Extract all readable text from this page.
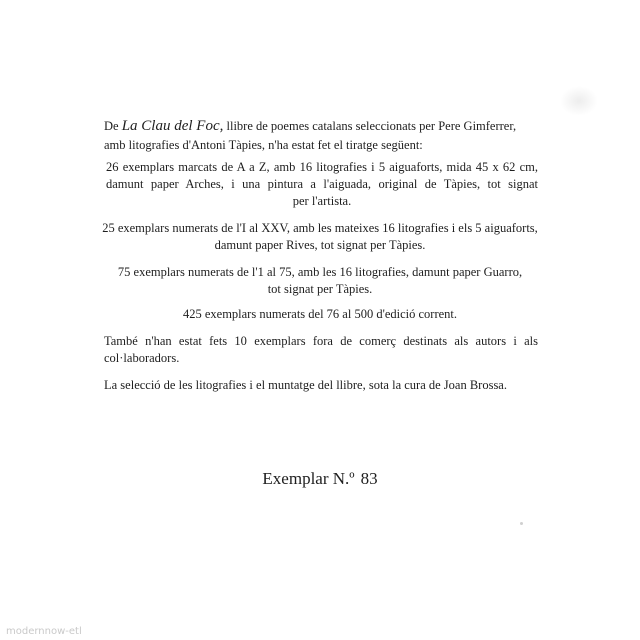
De La Clau del Foc, llibre de poemes catalans seleccionats per Pere Gimferrer,
amb litografies d'Antoni Tàpies, n'ha estat fet el tiratge següent:

26 exemplars marcats de A a Z, amb 16 litografies i 5 aiguaforts, mida 45 x 62 cm,
damunt paper Arches, i una pintura a l'aiguada, original de Tàpies, tot signat
per l'artista.

25 exemplars numerats de l'I al XXV, amb les mateixes 16 litografies i els 5 aiguaforts,
damunt paper Rives, tot signat per Tàpies.

75 exemplars numerats de l'1 al 75, amb les 16 litografies, damunt paper Guarro,
tot signat per Tàpies.

425 exemplars numerats del 76 al 500 d'edició corrent.

També n'han estat fets 10 exemplars fora de comerç destinats als autors i als
col·laboradors.

La selecció de les litografies i el muntatge del llibre, sota la cura de Joan Brossa.

Exemplar N.º 83
modernnow-etl
